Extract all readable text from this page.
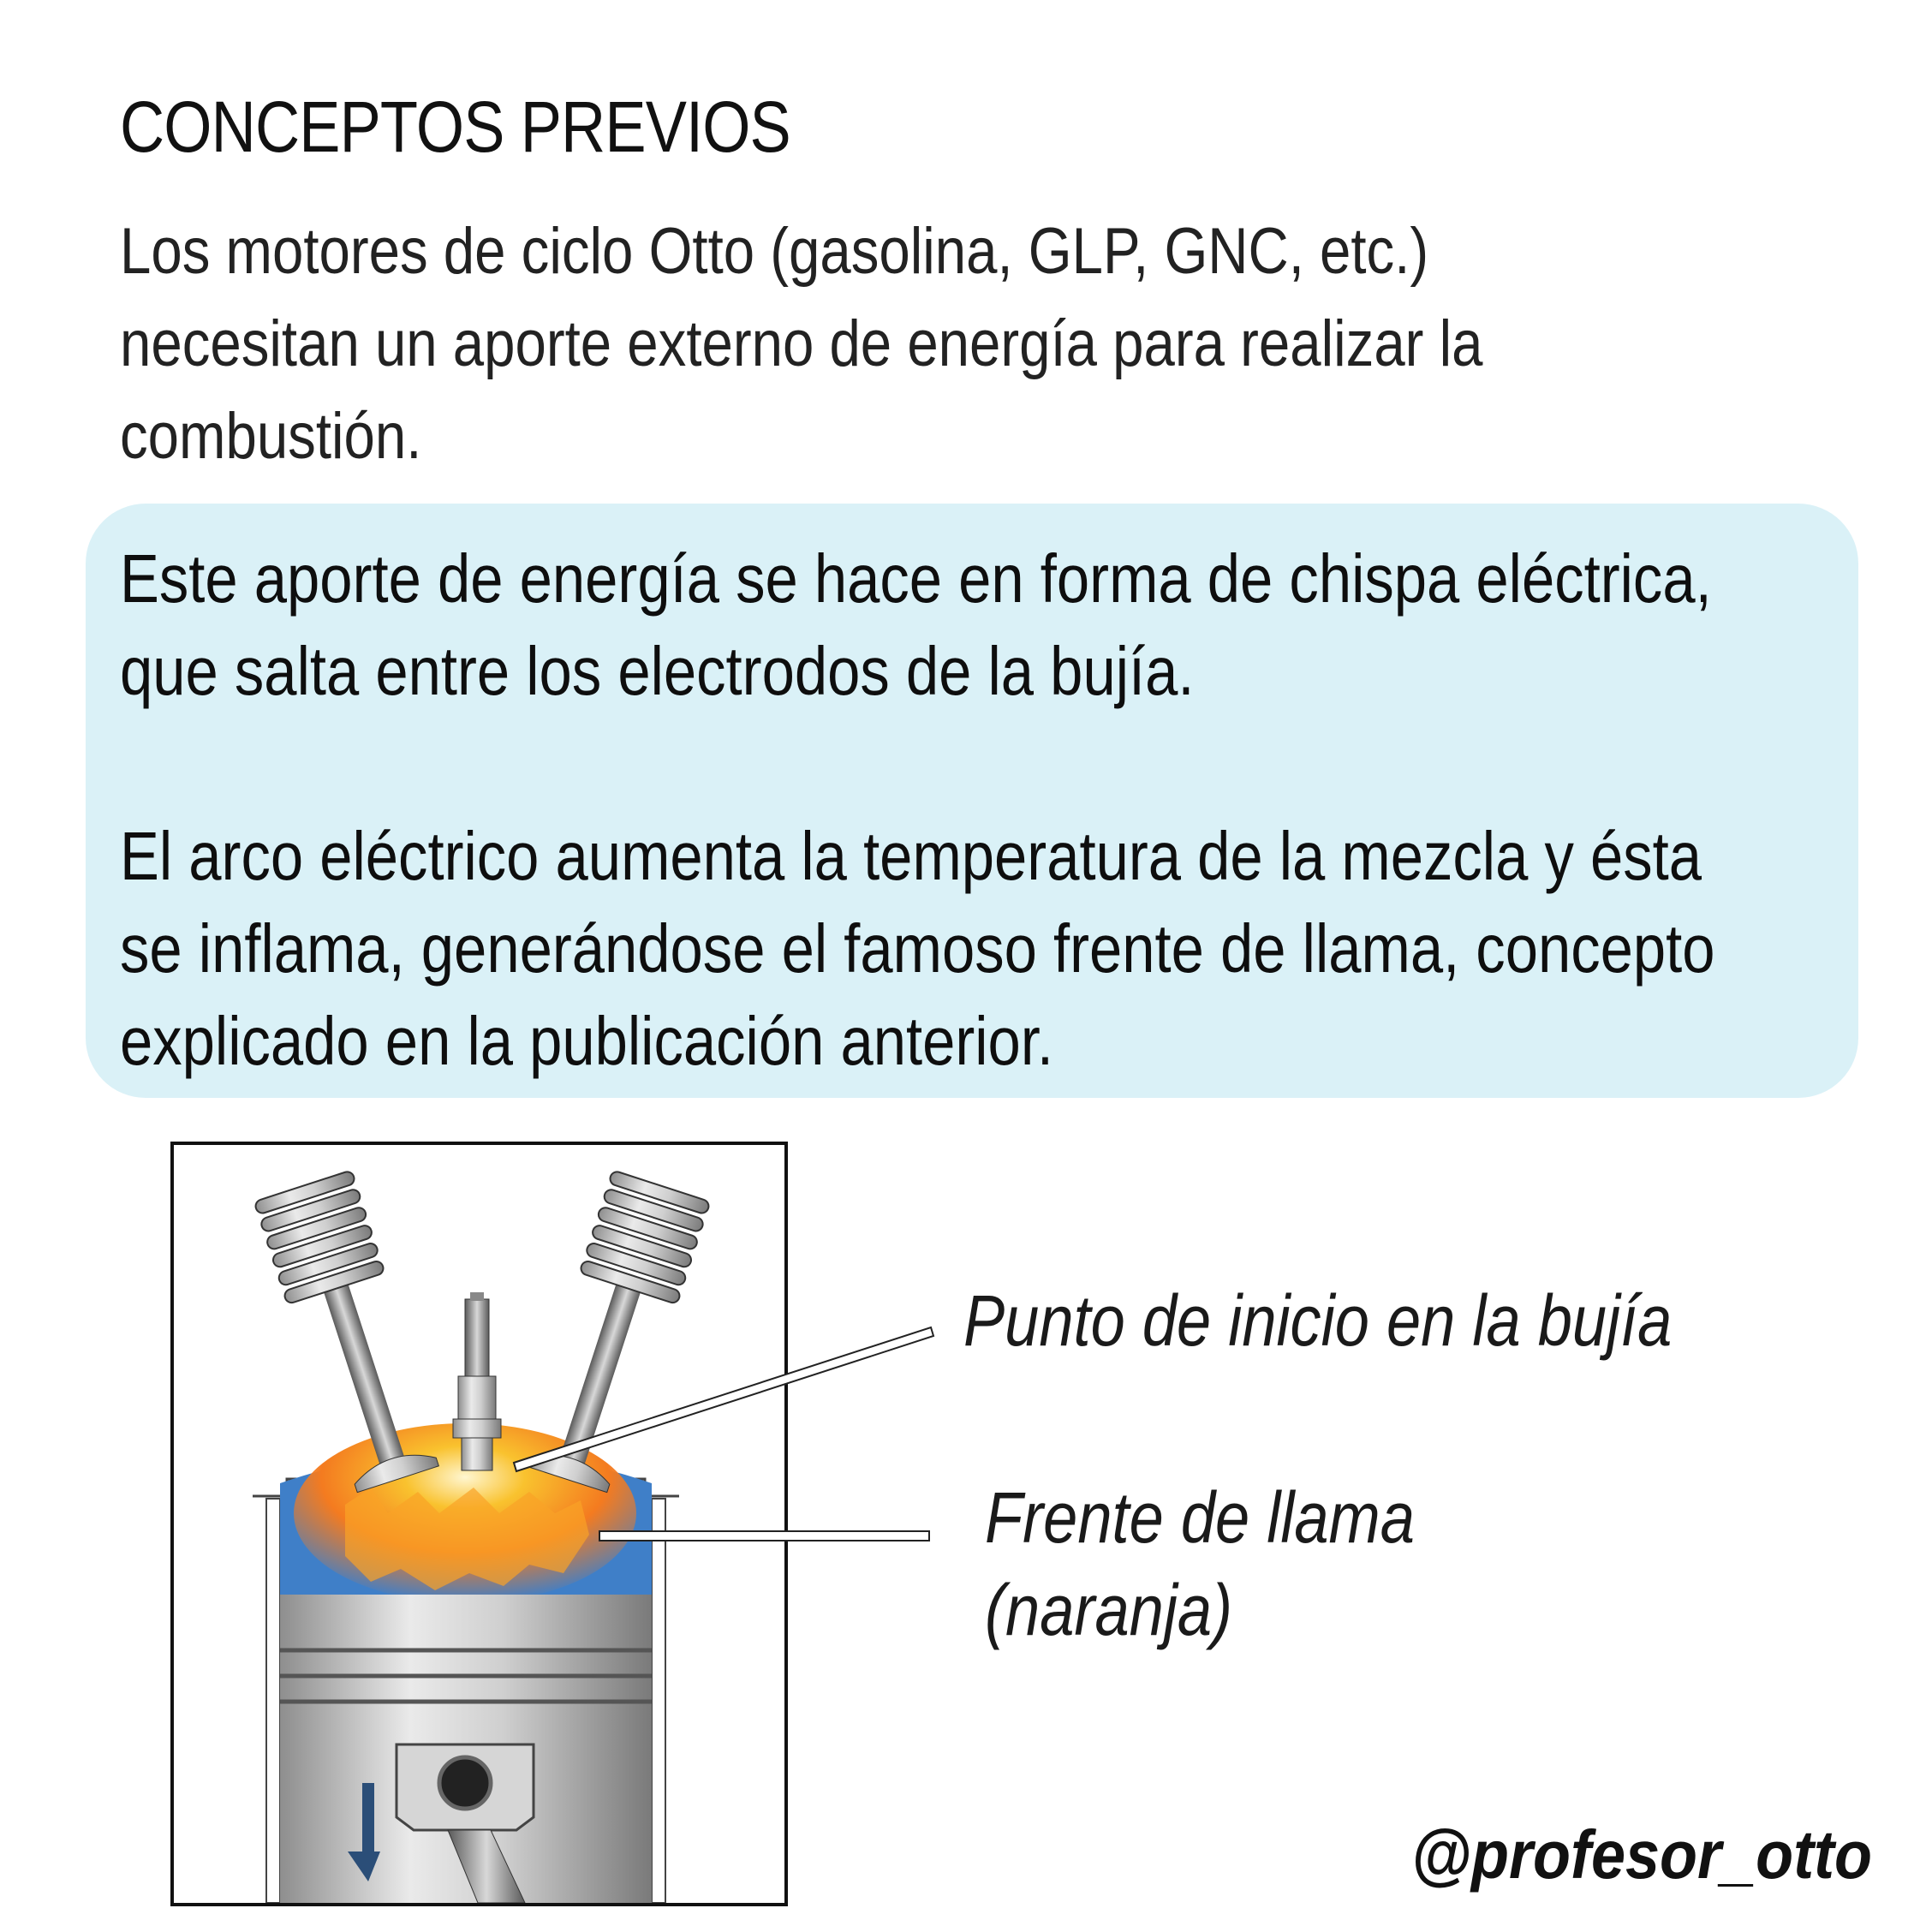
CONCEPTOS PREVIOS

Los motores de ciclo Otto (gasolina, GLP, GNC, etc.)

necesitan un aporte externo de energía para realizar la

combustión.

Este aporte de energía se hace en forma de chispa eléctrica,
que salta entre los electrodos de la bujía.

El arco eléctrico aumenta la temperatura de la mezcla y ésta
se inflama, generándose el famoso frente de llama, concepto
explicado en la publicación anterior.

Punto de inicio en la bujía
Frente de llama
(naranja)
@profesor_otto
